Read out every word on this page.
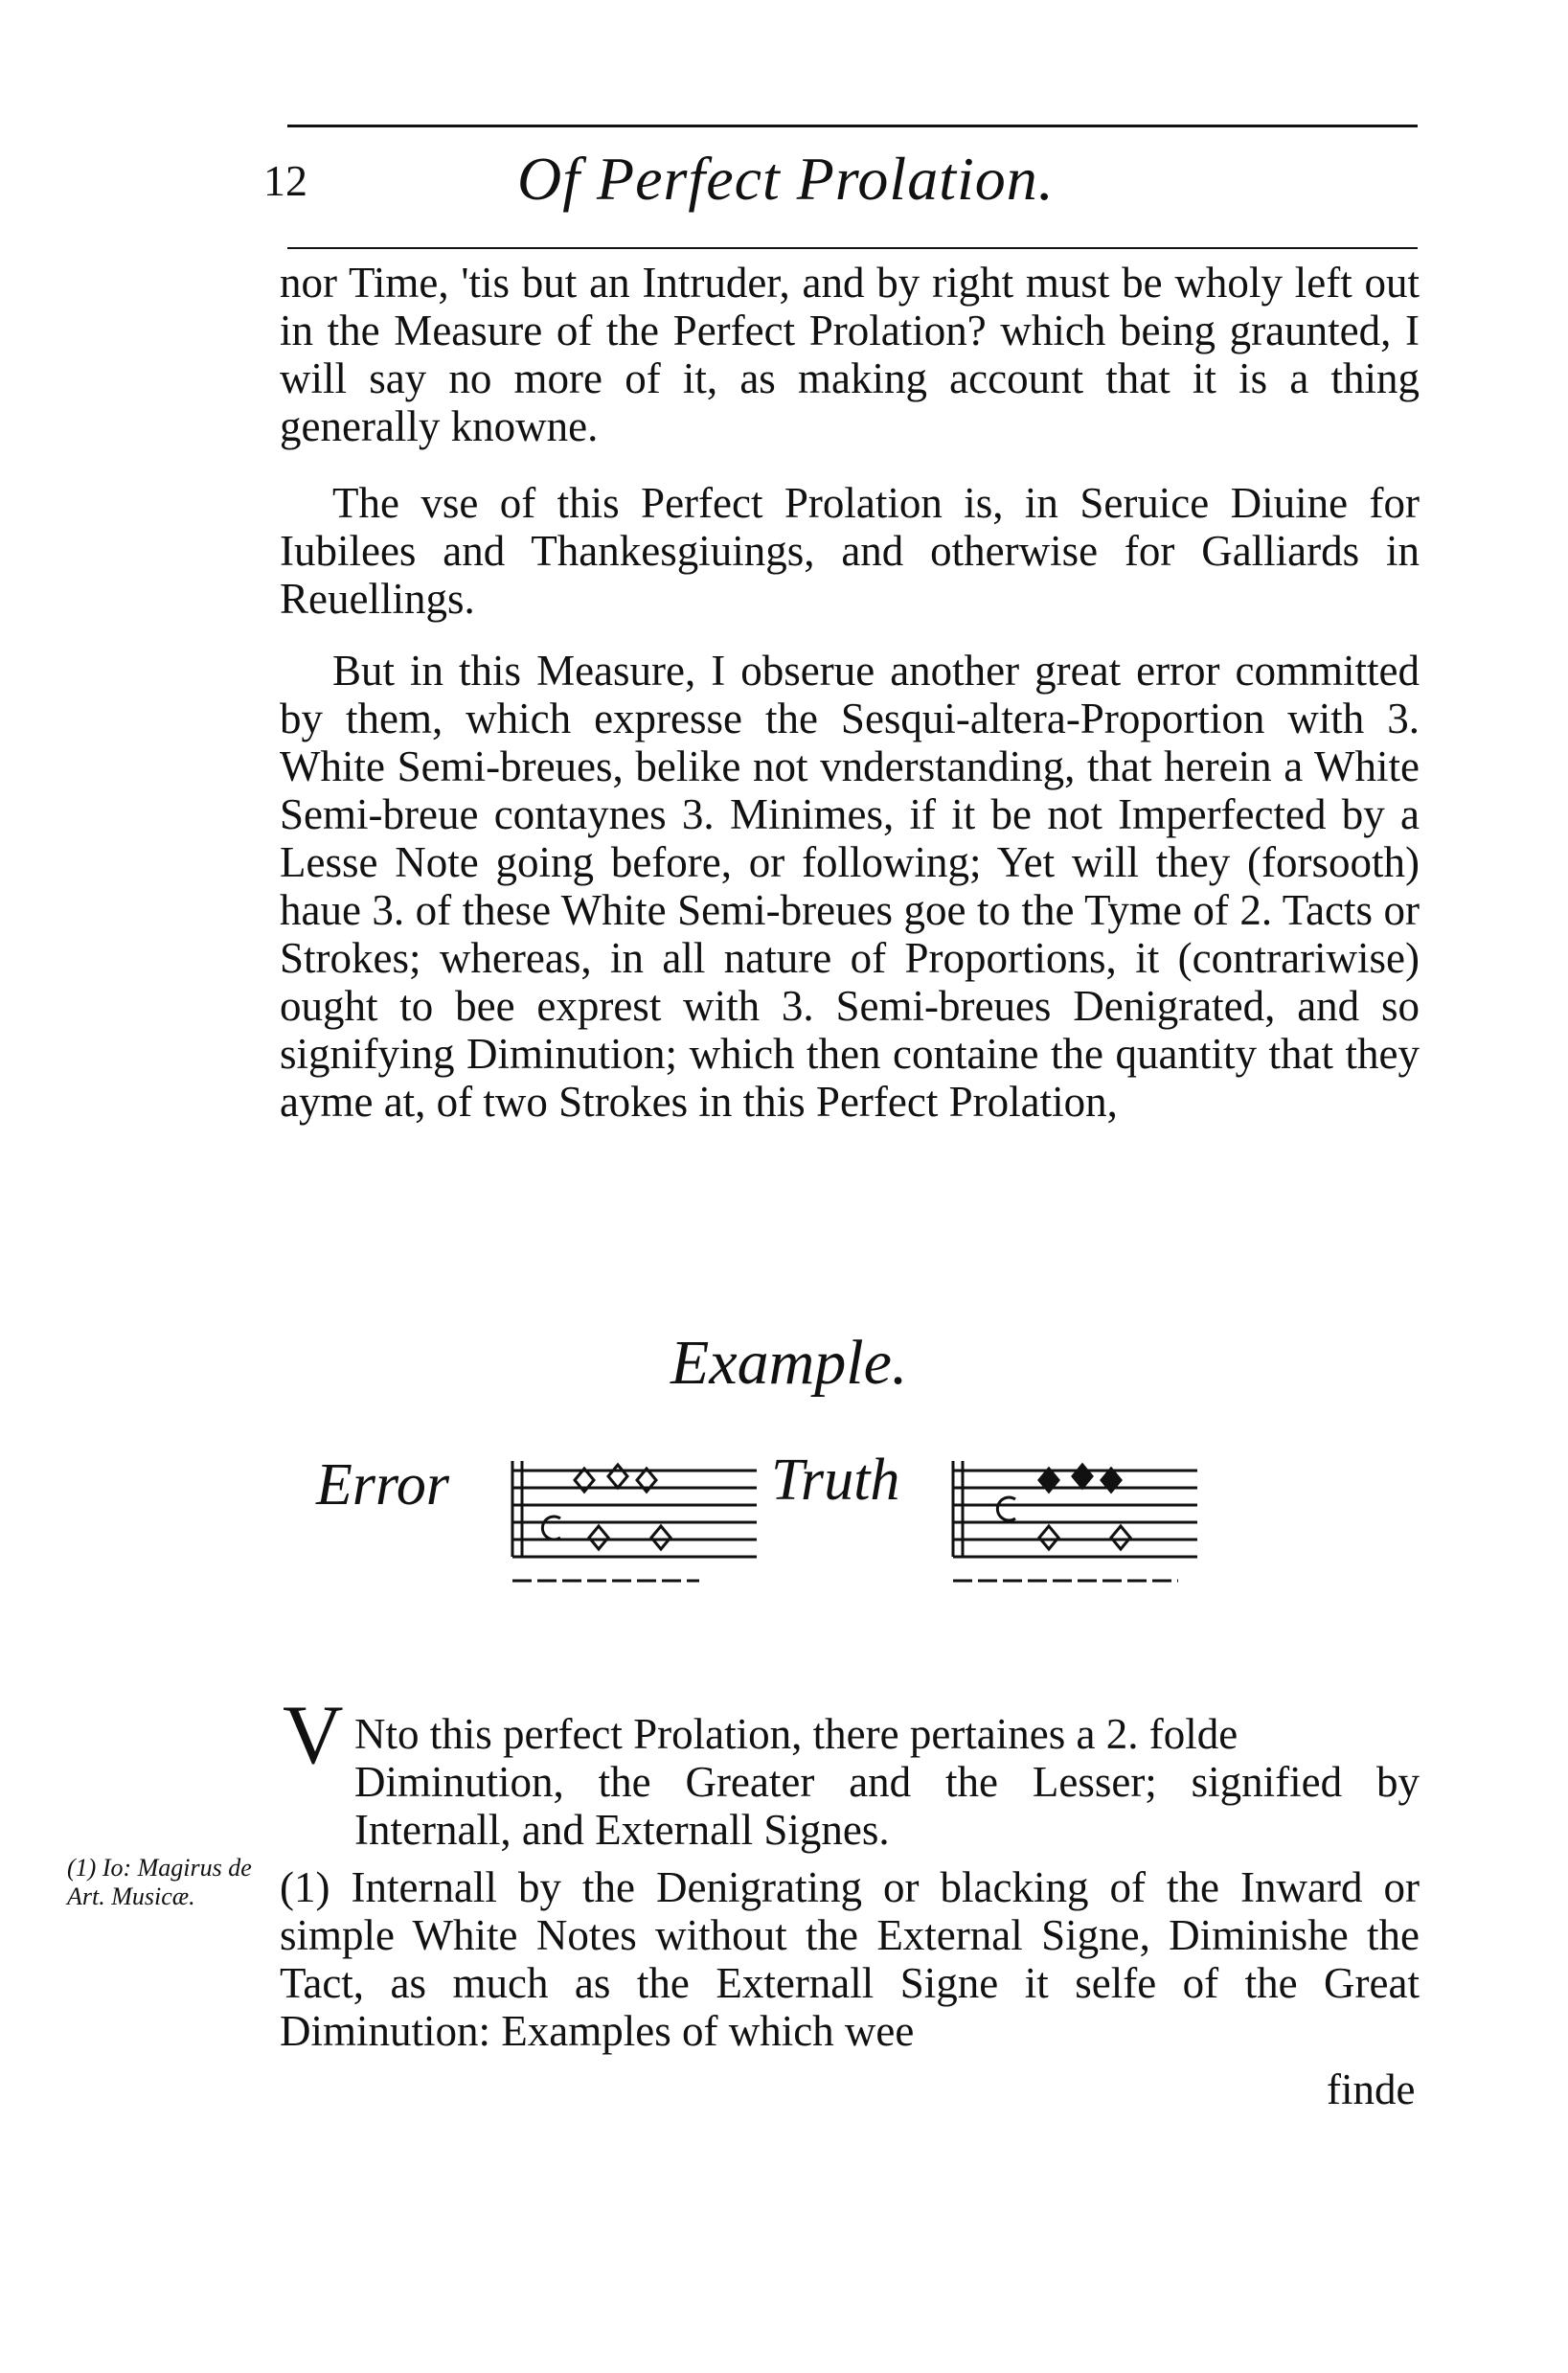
12	Of Perfect Prolation.

nor Time, 'tis but an Intruder, and by right must be wholy left out in the Measure of the Perfect Prolation? which being graunted, I will say no more of it, as making account that it is a thing generally knowne.

The vse of this Perfect Prolation is, in Seruice Diuine for Iubilees and Thankesgiuings, and otherwise for Galliards in Reuellings.

But in this Measure, I obserue another great error committed by them, which expresse the Sesqui-altera-Proportion with 3. White Semi-breues, belike not vnderstanding, that herein a White Semi-breue contaynes 3. Minimes, if it be not Imperfected by a Lesse Note going before, or following; Yet will they (forsooth) haue 3. of these White Semi-breues goe to the Tyme of 2. Tacts or Strokes; whereas, in all nature of Proportions, it (contrariwise) ought to bee exprest with 3. Semi-breues Denigrated, and so signifying Diminution; which then containe the quantity that they ayme at, of two Strokes in this Perfect Prolation,

Example.
Error	Truth
V Nto this perfect Prolation, there pertaines a 2. folde
Diminution, the Greater and the Lesser; signified by Internall, and Externall Signes.
(1) Io: Magirus de Art. Musicæ.	(1) Internall by the Denigrating or blacking of the Inward or simple White Notes without the External Signe, Diminishe the Tact, as much as the Externall Signe it selfe of the Great Diminution: Examples of which wee

finde
